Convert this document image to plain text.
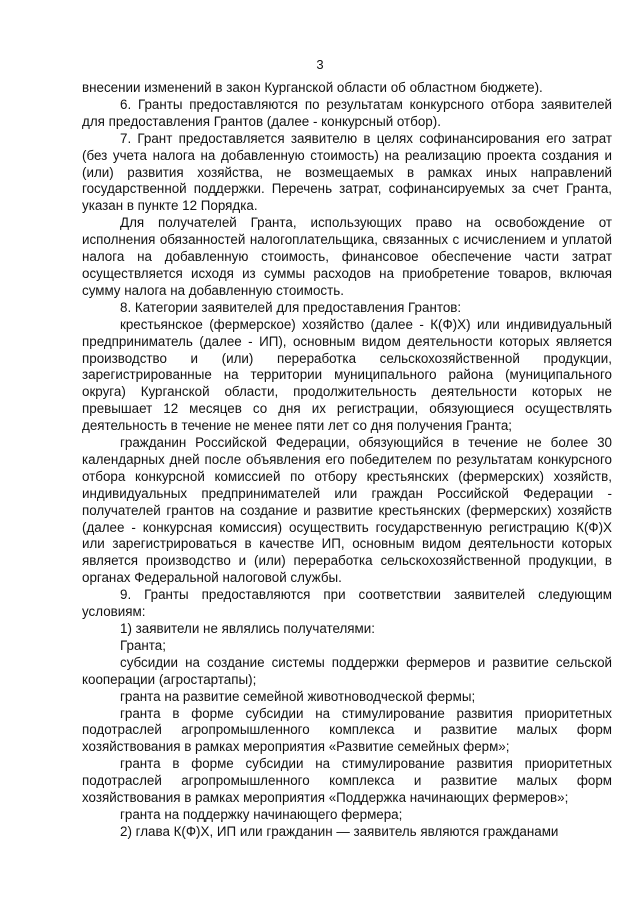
3

внесении изменений в закон Курганской области об областном бюджете).

6. Гранты предоставляются по результатам конкурсного отбора заявителей для предоставления Грантов (далее - конкурсный отбор).

7. Грант предоставляется заявителю в целях софинансирования его затрат (без учета налога на добавленную стоимость) на реализацию проекта создания и (или) развития хозяйства, не возмещаемых в рамках иных направлений государственной поддержки. Перечень затрат, софинансируемых за счет Гранта, указан в пункте 12 Порядка.

Для получателей Гранта, использующих право на освобождение от исполнения обязанностей налогоплательщика, связанных с исчислением и уплатой налога на добавленную стоимость, финансовое обеспечение части затрат осуществляется исходя из суммы расходов на приобретение товаров, включая сумму налога на добавленную стоимость.

8. Категории заявителей для предоставления Грантов:

крестьянское (фермерское) хозяйство (далее - К(Ф)Х) или индивидуальный предприниматель (далее - ИП), основным видом деятельности которых является производство и (или) переработка сельскохозяйственной продукции, зарегистрированные на территории муниципального района (муниципального округа) Курганской области, продолжительность деятельности которых не превышает 12 месяцев со дня их регистрации, обязующиеся осуществлять деятельность в течение не менее пяти лет со дня получения Гранта;

гражданин Российской Федерации, обязующийся в течение не более 30 календарных дней после объявления его победителем по результатам конкурсного отбора конкурсной комиссией по отбору крестьянских (фермерских) хозяйств, индивидуальных предпринимателей или граждан Российской Федерации - получателей грантов на создание и развитие крестьянских (фермерских) хозяйств (далее - конкурсная комиссия) осуществить государственную регистрацию К(Ф)Х или зарегистрироваться в качестве ИП, основным видом деятельности которых является производство и (или) переработка сельскохозяйственной продукции, в органах Федеральной налоговой службы.

9. Гранты предоставляются при соответствии заявителей следующим условиям:

1) заявители не являлись получателями:

Гранта;

субсидии на создание системы поддержки фермеров и развитие сельской кооперации (агростартапы);

гранта на развитие семейной животноводческой фермы;

гранта в форме субсидии на стимулирование развития приоритетных подотраслей агропромышленного комплекса и развитие малых форм хозяйствования в рамках мероприятия «Развитие семейных ферм»;

гранта в форме субсидии на стимулирование развития приоритетных подотраслей агропромышленного комплекса и развитие малых форм хозяйствования в рамках мероприятия «Поддержка начинающих фермеров»;

гранта на поддержку начинающего фермера;

2) глава К(Ф)Х, ИП или гражданин — заявитель являются гражданами
